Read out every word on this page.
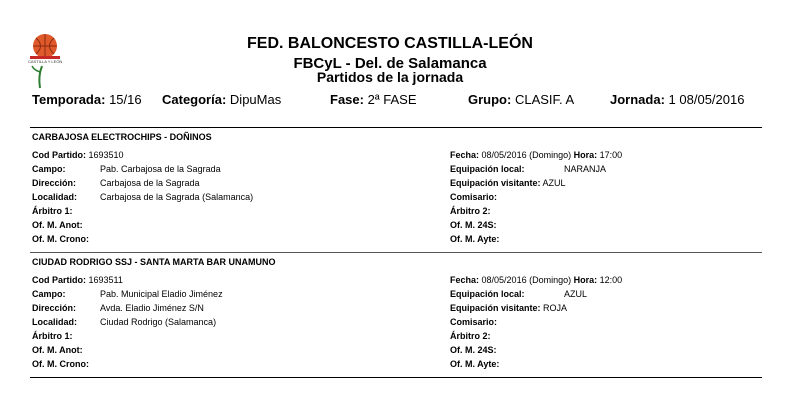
CASTILLA Y LEÓN
FED. BALONCESTO CASTILLA-LEÓN
FBCyL - Del. de Salamanca
Partidos de la jornada
Temporada: 15/16 Categoría: DipuMas	Fase: 2ª FASE	Grupo: CLASIF. A	Jornada: 1 08/05/2016
CARBAJOSA ELECTROCHIPS - DOÑINOS
Cod Partido: 1693510
Campo:	Pab. Carbajosa de la Sagrada
Dirección:	Carbajosa de la Sagrada
Localidad:	Carbajosa de la Sagrada (Salamanca)
Árbitro 1:
Of. M. Anot:
Of. M. Crono:
Fecha: 08/05/2016 (Domingo) Hora: 17:00
Equipación local:	NARANJA
Equipación visitante: AZUL
Comisario:
Árbitro 2:
Of. M. 24S:
Of. M. Ayte:
CIUDAD RODRIGO SSJ - SANTA MARTA BAR UNAMUNO
Cod Partido: 1693511
Campo:	Pab. Municipal Eladio Jiménez
Dirección:	Avda. Eladio Jiménez S/N
Localidad:	Ciudad Rodrigo (Salamanca)
Árbitro 1:
Of. M. Anot:
Of. M. Crono:
Fecha: 08/05/2016 (Domingo) Hora: 12:00
Equipación local:	AZUL
Equipación visitante: ROJA
Comisario:
Árbitro 2:
Of. M. 24S:
Of. M. Ayte:
